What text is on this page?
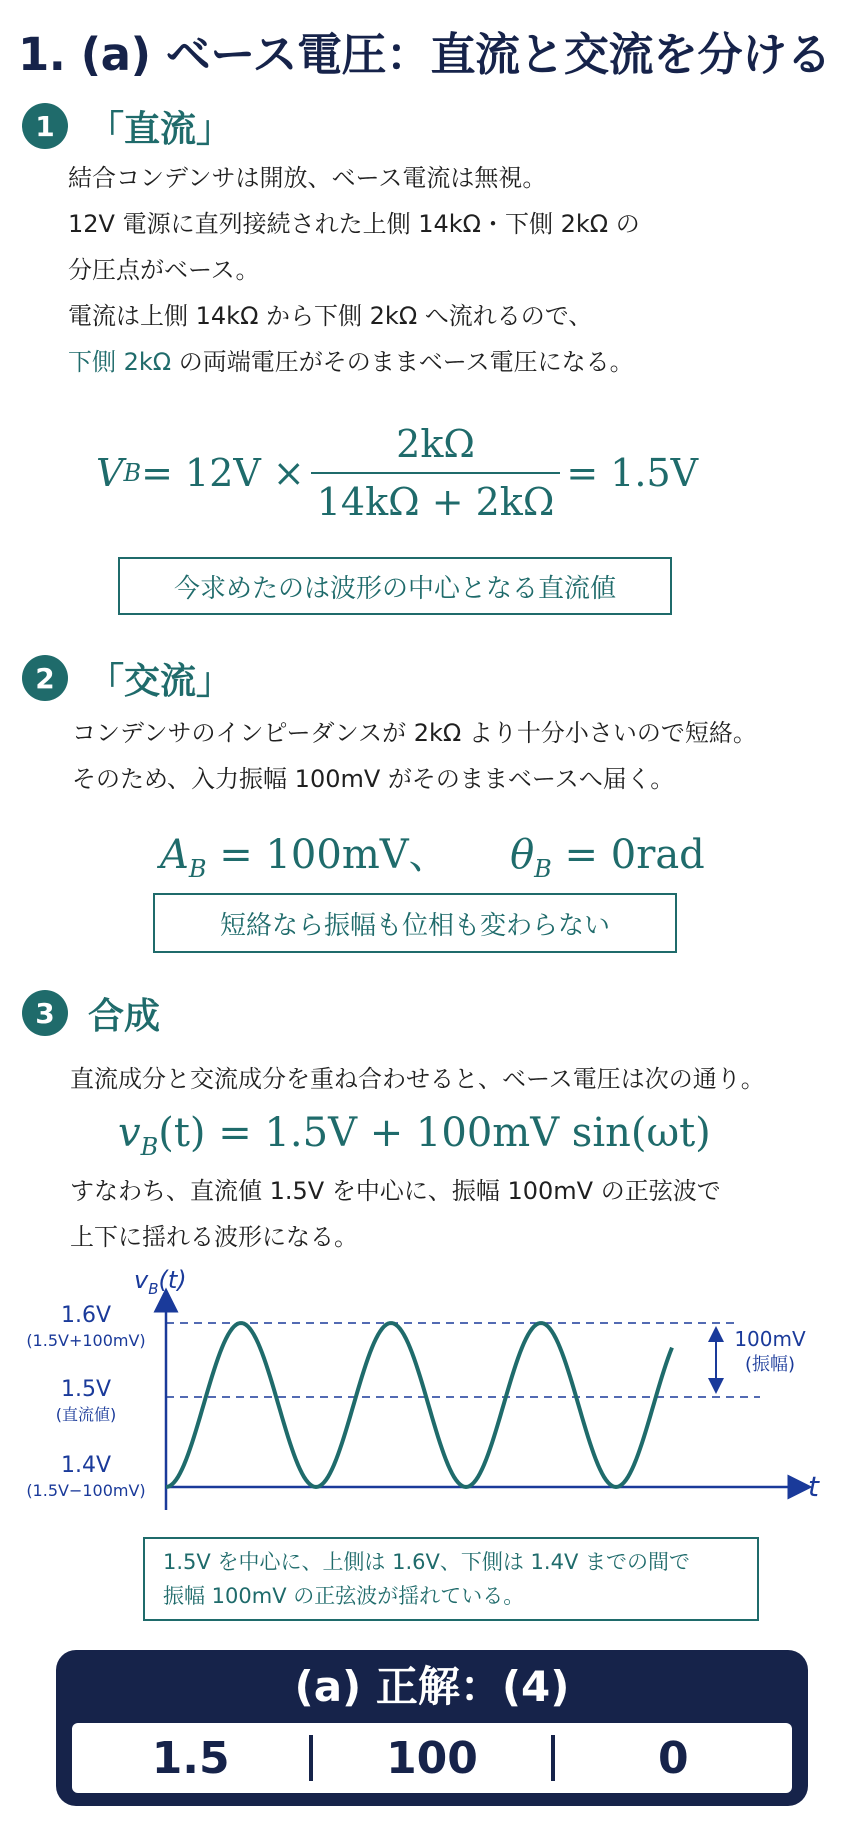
1. (a) ベース電圧：直流と交流を分ける
1 「直流」
結合コンデンサは開放、ベース電流は無視。
12V 電源に直列接続された上側 14kΩ・下側 2kΩ の
分圧点がベース。
電流は上側 14kΩ から下側 2kΩ へ流れるので、
下側 2kΩ の両端電圧がそのままベース電圧になる。
V $B = 12V \times \frac{2k\Omega}{14k\Omega + 2k\Omega} = 1.5V$
今求めたのは波形の中心となる直流値
2 「交流」
コンデンサのインピーダンスが 2kΩ より十分小さいので短絡。
そのため、入力振幅 100mV がそのままベースへ届く。
$A_B = 100mV$、 $\theta_B = 0rad$
短絡なら振幅も位相も変わらない
3 合成
直流成分と交流成分を重ね合わせると、ベース電圧は次の通り。
$v_B(t) = 1.5V + 100mV$ sin(ωt)
すなわち、直流値 1.5V を中心に、振幅 100mV の正弦波で
上下に揺れる波形になる。
$v_B(t)$
t
1.6V
(1.5V+100mV)
1.5V
(直流値)
1.4V
(1.5V−100mV)
100mV
(振幅)
1.5V を中心に、上側は 1.6V、下側は 1.4V までの間で
振幅 100mV の正弦波が揺れている。
(a) 正解：(4)
1.5	100	0
